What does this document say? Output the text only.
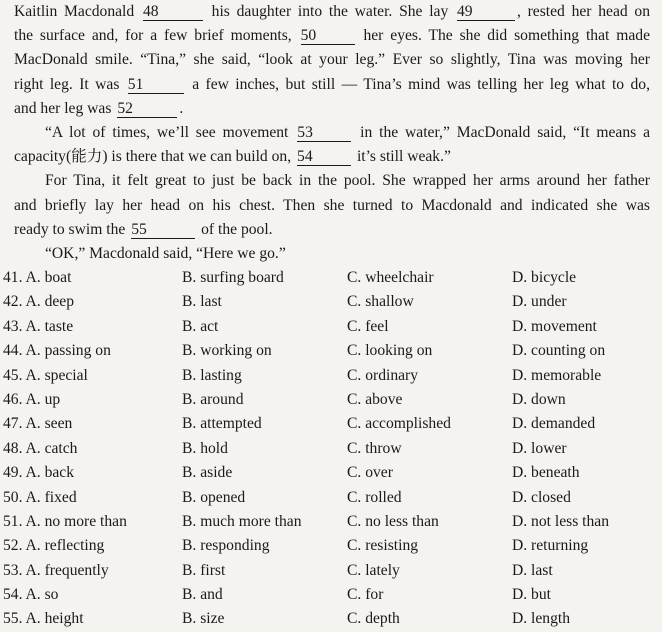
Kaitlin Macdonald 48	his daughter into the water. She lay 49	, rested her head on
the surface and, for a few brief moments, 50	her eyes. The she did something that made
MacDonald smile. “Tina,” she said, “look at your leg.” Ever so slightly, Tina was moving her
right leg. It was 51	a few inches, but still — Tina’s mind was telling her leg what to do,
and her leg was 52	.
“A lot of times, we’ll see movement 53	in the water,” MacDonald said, “It means a
capacity(能力) is there that we can build on, 54	it’s still weak.”
For Tina, it felt great to just be back in the pool. She wrapped her arms around her father
and briefly lay her head on his chest. Then she turned to Macdonald and indicated she was
ready to swim the 55	of the pool.
“OK,” Macdonald said, “Here we go.”
41. A. boat	B. surfing board	C. wheelchair	D. bicycle
42. A. deep	B. last	C. shallow	D. under
43. A. taste	B. act	C. feel	D. movement
44. A. passing on	B. working on	C. looking on	D. counting on
45. A. special	B. lasting	C. ordinary	D. memorable
46. A. up	B. around	C. above	D. down
47. A. seen	B. attempted	C. accomplished	D. demanded
48. A. catch	B. hold	C. throw	D. lower
49. A. back	B. aside	C. over	D. beneath
50. A. fixed	B. opened	C. rolled	D. closed
51. A. no more than	B. much more than	C. no less than	D. not less than
52. A. reflecting	B. responding	C. resisting	D. returning
53. A. frequently	B. first	C. lately	D. last
54. A. so	B. and	C. for	D. but
55. A. height	B. size	C. depth	D. length
